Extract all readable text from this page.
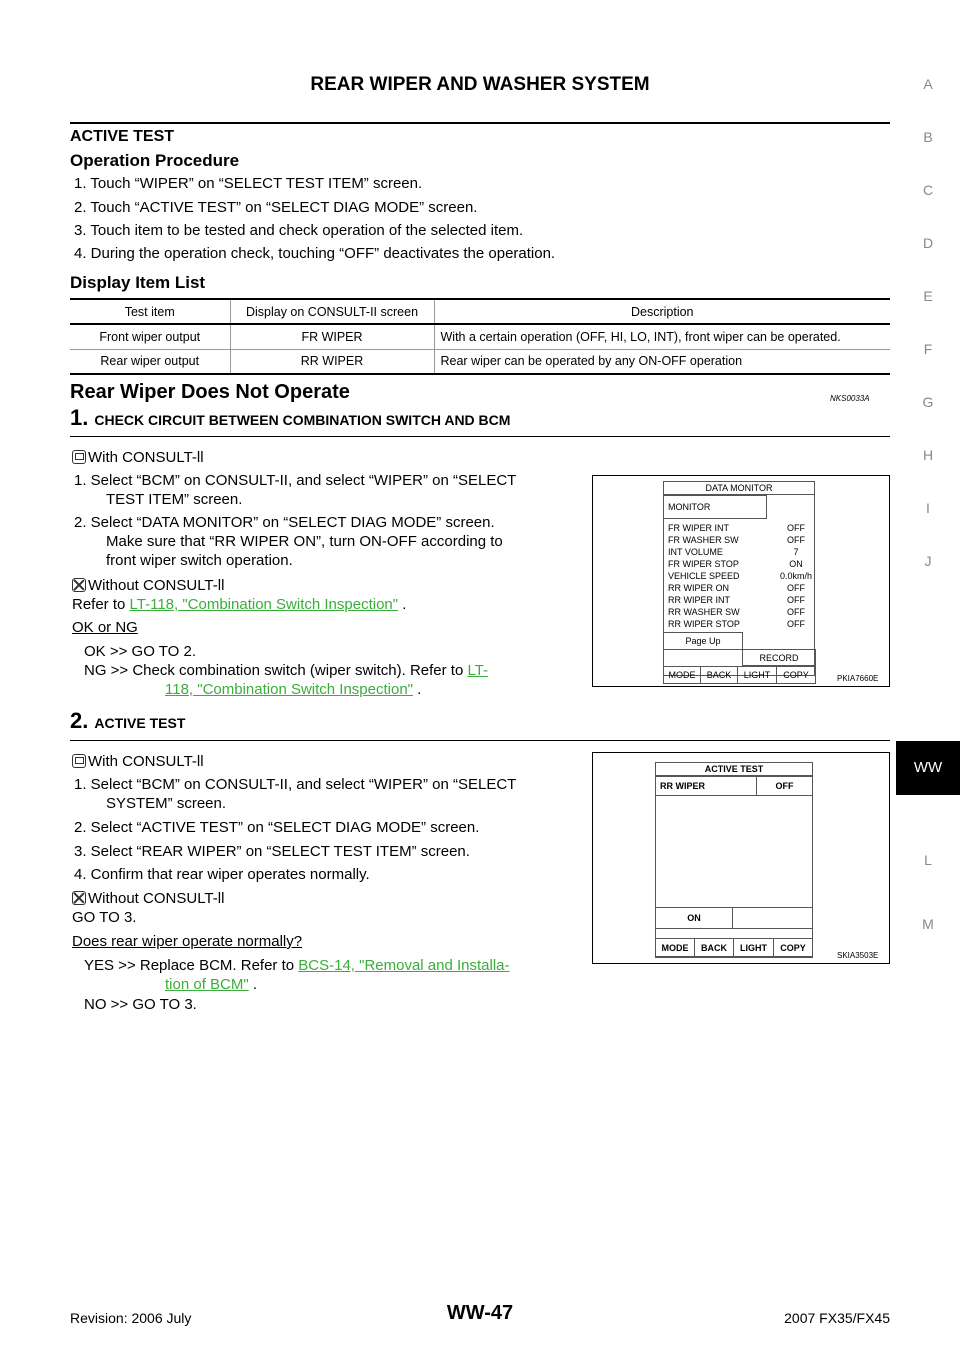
REAR WIPER AND WASHER SYSTEM	A
B
C
D
E
F
G
H
I
J
WW
L
M
ACTIVE TEST
Operation Procedure
1. Touch “WIPER” on “SELECT TEST ITEM” screen.
2. Touch “ACTIVE TEST” on “SELECT DIAG MODE” screen.
3. Touch item to be tested and check operation of the selected item.
4. During the operation check, touching “OFF” deactivates the operation.
Display Item List
Test item	Display on CONSULT-II screen	Description
Front wiper output	FR WIPER	With a certain operation (OFF, HI, LO, INT), front wiper can be operated.
Rear wiper output	RR WIPER	Rear wiper can be operated by any ON-OFF operation
Rear Wiper Does Not Operate	NKS0033A
1. CHECK CIRCUIT BETWEEN COMBINATION SWITCH AND BCM
With CONSULT-ll
1. Select “BCM” on CONSULT-II, and select “WIPER” on “SELECT
TEST ITEM” screen.
2. Select “DATA MONITOR” on “SELECT DIAG MODE” screen.
Make sure that “RR WIPER ON”, turn ON-OFF according to
front wiper switch operation.
Without CONSULT-ll
Refer to LT-118, "Combination Switch Inspection" .
OK or NG
OK >> GO TO 2.
NG >> Check combination switch (wiper switch). Refer to LT-
118, "Combination Switch Inspection" .
DATA MONITOR
MONITOR
FR WIPER INT	OFF
FR WASHER SW	OFF
INT VOLUME	7
FR WIPER STOP	ON
VEHICLE SPEED	0.0km/h
RR WIPER ON	OFF
RR WIPER INT	OFF
RR WASHER SW	OFF
RR WIPER STOP	OFF
Page Up
RECORD
MODE	BACK	LIGHT	COPY	PKIA7660E
2. ACTIVE TEST
With CONSULT-ll
1. Select “BCM” on CONSULT-II, and select “WIPER” on “SELECT
SYSTEM” screen.
2. Select “ACTIVE TEST” on “SELECT DIAG MODE” screen.
3. Select “REAR WIPER” on “SELECT TEST ITEM” screen.
4. Confirm that rear wiper operates normally.
Without CONSULT-ll
GO TO 3.
Does rear wiper operate normally?
YES >> Replace BCM. Refer to BCS-14, "Removal and Installa-
tion of BCM" .
NO >> GO TO 3.
ACTIVE TEST
RR WIPER	OFF
ON
MODE	BACK	LIGHT	COPY
SKIA3503E
Revision: 2006 July	WW-47	2007 FX35/FX45
